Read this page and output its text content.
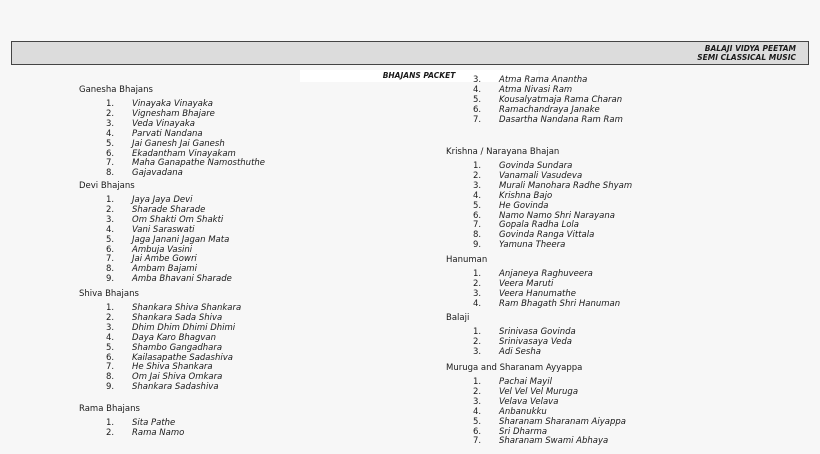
BALAJI VIDYA PEETAM
SEMI CLASSICAL MUSIC
BHAJANS PACKET
Ganesha Bhajans
1. Vinayaka Vinayaka
2. Vignesham Bhajare
3. Veda Vinayaka
4. Parvati Nandana
5. Jai Ganesh Jai Ganesh
6. Ekadantham Vinayakam
7. Maha Ganapathe Namosthuthe
8. Gajavadana
Devi Bhajans
1. Jaya Jaya Devi
2. Sharade Sharade
3. Om Shakti Om Shakti
4. Vani Saraswati
5. Jaga Janani Jagan Mata
6. Ambuja Vasini
7. Jai Ambe Gowri
8. Ambam Bajami
9. Amba Bhavani Sharade
Shiva Bhajans
1. Shankara Shiva Shankara
2. Shankara Sada Shiva
3. Dhim Dhim Dhimi Dhimi
4. Daya Karo Bhagvan
5. Shambo Gangadhara
6. Kailasapathe Sadashiva
7. He Shiva Shankara
8. Om Jai Shiva Omkara
9. Shankara Sadashiva
Rama Bhajans
1. Sita Pathe
2. Rama Namo
3. Atma Rama Anantha
4. Atma Nivasi Ram
5. Kousalyatmaja Rama Charan
6. Ramachandraya Janake
7. Dasartha Nandana Ram Ram
Krishna / Narayana Bhajan
1. Govinda Sundara
2. Vanamali Vasudeva
3. Murali Manohara Radhe Shyam
4. Krishna Bajo
5. He Govinda
6. Namo Namo Shri Narayana
7. Gopala Radha Lola
8. Govinda Ranga Vittala
9. Yamuna Theera
Hanuman
1. Anjaneya Raghuveera
2. Veera Maruti
3. Veera Hanumathe
4. Ram Bhagath Shri Hanuman
Balaji
1. Srinivasa Govinda
2. Srinivasaya Veda
3. Adi Sesha
Muruga and Sharanam Ayyappa
1. Pachai Mayil
2. Vel Vel Vel Muruga
3. Velava Velava
4. Anbanukku
5. Sharanam Sharanam Aiyappa
6. Sri Dharma
7. Sharanam Swami Abhaya
